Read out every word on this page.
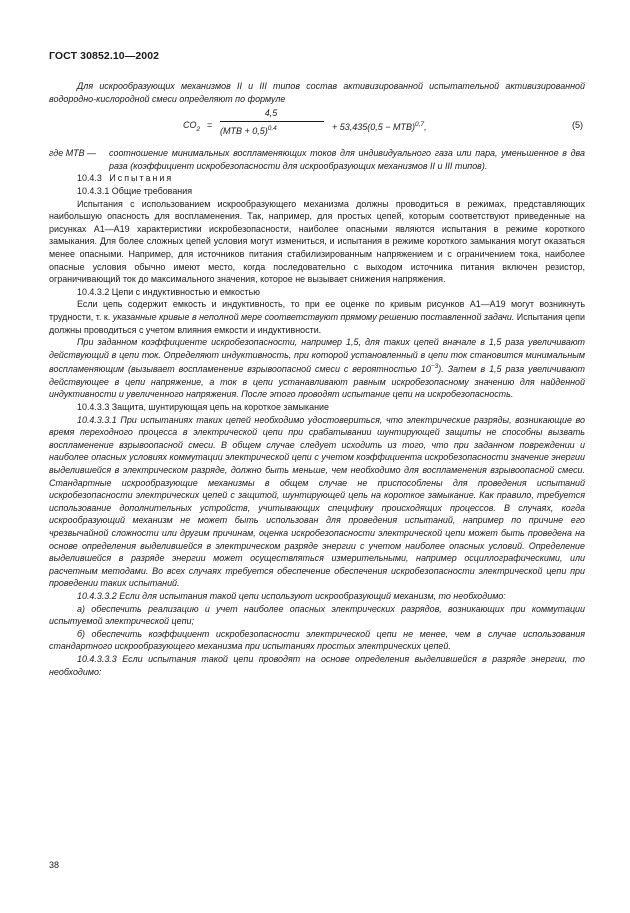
ГОСТ 30852.10—2002

Для искрообразующих механизмов II и III типов состав активизированной испытательной активизированной водородно-кислородной смеси определяют по формуле

$CO_2$ =
4,5
(МТВ + 0,5)$^{0,4}$	+ 53,435(0,5 − МТВ)$^{0,7}$,	(5)

где МТВ — соотношение минимальных воспламеняющих токов для индивидуального газа или пара, уменьшенное в два раза (коэффициент искробезопасности для искрообразующих механизмов II и III типов).

10.4.3 Испытания

10.4.3.1 Общие требования

Испытания с использованием искрообразующего механизма должны проводиться в режимах, представляющих наибольшую опасность для воспламенения. Так, например, для простых цепей, которым соответствуют приведенные на рисунках А1—А19 характеристики искробезопасности, наиболее опасными являются испытания в режиме короткого замыкания. Для более сложных цепей условия могут измениться, и испытания в режиме короткого замыкания могут оказаться менее опасными. Например, для источников питания стабилизированным напряжением и с ограничением тока, наиболее опасные условия обычно имеют место, когда последовательно с выходом источника питания включен резистор, ограничивающий ток до максимального значения, которое не вызывает снижения напряжения.

10.4.3.2 Цепи с индуктивностью и емкостью

Если цепь содержит емкость и индуктивность, то при ее оценке по кривым рисунков А1—А19 могут возникнуть трудности, т. к. указанные кривые в неполной мере соответствуют прямому решению поставленной задачи. Испытания цепи должны проводиться с учетом влияния емкости и индуктивности.

При заданном коэффициенте искробезопасности, например 1,5, для таких цепей вначале в 1,5 раза увеличивают действующий в цепи ток. Определяют индуктивность, при которой установленный в цепи ток становится минимальным воспламеняющим (вызывает воспламенение взрывоопасной смеси с вероятностью $10^{-3}$). Затем в 1,5 раза увеличивают действующее в цепи напряжение, а ток в цепи устанавливают равным искробезопасному значению для найденной индуктивности и увеличенного напряжения. После этого проводят испытание цепи на искробезопасность.

10.4.3.3 Защита, шунтирующая цепь на короткое замыкание

10.4.3.3.1 При испытаниях таких цепей необходимо удостовериться, что электрические разряды, возникающие во время переходного процесса в электрической цепи при срабатывании шунтирующей защиты не способны вызвать воспламенение взрывоопасной смеси. В общем случае следует исходить из того, что при заданном повреждении и наиболее опасных условиях коммутации электрической цепи с учетом коэффициента искробезопасности значение энергии выделившейся в электрическом разряде, должно быть меньше, чем необходимо для воспламенения взрывоопасной смеси. Стандартные искрообразующие механизмы в общем случае не приспособлены для проведения испытаний искробезопасности электрических цепей с защитой, шунтирующей цепь на короткое замыкание. Как правило, требуется использование дополнительных устройств, учитывающих специфику происходящих процессов. В случаях, когда искрообразующий механизм не может быть использован для проведения испытаний, например по причине его чрезвычайной сложности или другим причинам, оценка искробезопасности электрической цепи может быть проведена на основе определения выделившейся в электрическом разряде энергии с учетом наиболее опасных условий. Определение выделившейся в разряде энергии может осуществляться измерительными, например осциллографическими, или расчетным методами. Во всех случаях требуется обеспечение обеспечения искробезопасности электрической цепи при проведении таких испытаний.

10.4.3.3.2 Если для испытания такой цепи используют искрообразующий механизм, то необходимо:

а) обеспечить реализацию и учет наиболее опасных электрических разрядов, возникающих при коммутации испытуемой электрической цепи;

б) обеспечить коэффициент искробезопасности электрической цепи не менее, чем в случае использования стандартного искрообразующего механизма при испытаниях простых электрических цепей.

10.4.3.3.3 Если испытания такой цепи проводят на основе определения выделившейся в разряде энергии, то необходимо:

38
